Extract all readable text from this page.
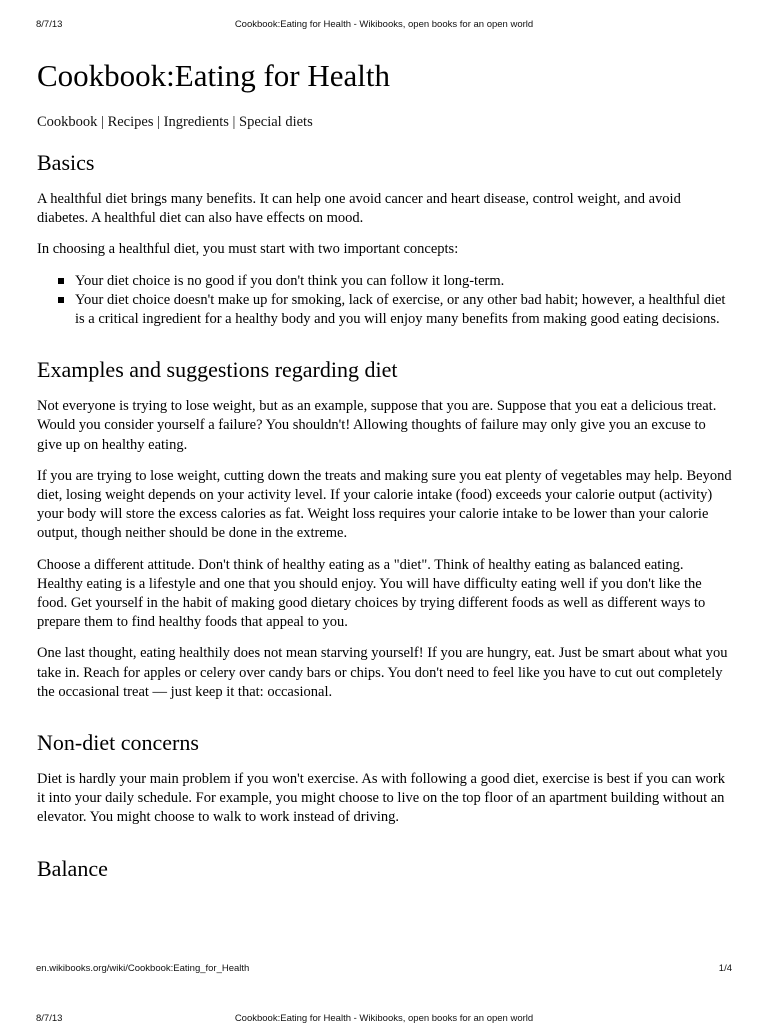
8/7/13	Cookbook:Eating for Health - Wikibooks, open books for an open world
Cookbook:Eating for Health
Cookbook | Recipes | Ingredients | Special diets
Basics

A healthful diet brings many benefits. It can help one avoid cancer and heart disease, control weight, and avoid diabetes. A healthful diet can also have effects on mood.

In choosing a healthful diet, you must start with two important concepts:

Your diet choice is no good if you don't think you can follow it long-term.
Your diet choice doesn't make up for smoking, lack of exercise, or any other bad habit; however, a healthful diet is a critical ingredient for a healthy body and you will enjoy many benefits from making good eating decisions.
Examples and suggestions regarding diet

Not everyone is trying to lose weight, but as an example, suppose that you are. Suppose that you eat a delicious treat. Would you consider yourself a failure? You shouldn't! Allowing thoughts of failure may only give you an excuse to give up on healthy eating.

If you are trying to lose weight, cutting down the treats and making sure you eat plenty of vegetables may help. Beyond diet, losing weight depends on your activity level. If your calorie intake (food) exceeds your calorie output (activity) your body will store the excess calories as fat. Weight loss requires your calorie intake to be lower than your calorie output, though neither should be done in the extreme.

Choose a different attitude. Don't think of healthy eating as a "diet". Think of healthy eating as balanced eating. Healthy eating is a lifestyle and one that you should enjoy. You will have difficulty eating well if you don't like the food. Get yourself in the habit of making good dietary choices by trying different foods as well as different ways to prepare them to find healthy foods that appeal to you.

One last thought, eating healthily does not mean starving yourself! If you are hungry, eat. Just be smart about what you take in. Reach for apples or celery over candy bars or chips. You don't need to feel like you have to cut out completely the occasional treat — just keep it that: occasional.

Non-diet concerns

Diet is hardly your main problem if you won't exercise. As with following a good diet, exercise is best if you can work it into your daily schedule. For example, you might choose to live on the top floor of an apartment building without an elevator. You might choose to walk to work instead of driving.

Balance
en.wikibooks.org/wiki/Cookbook:Eating_for_Health	1/4
8/7/13	Cookbook:Eating for Health - Wikibooks, open books for an open world
